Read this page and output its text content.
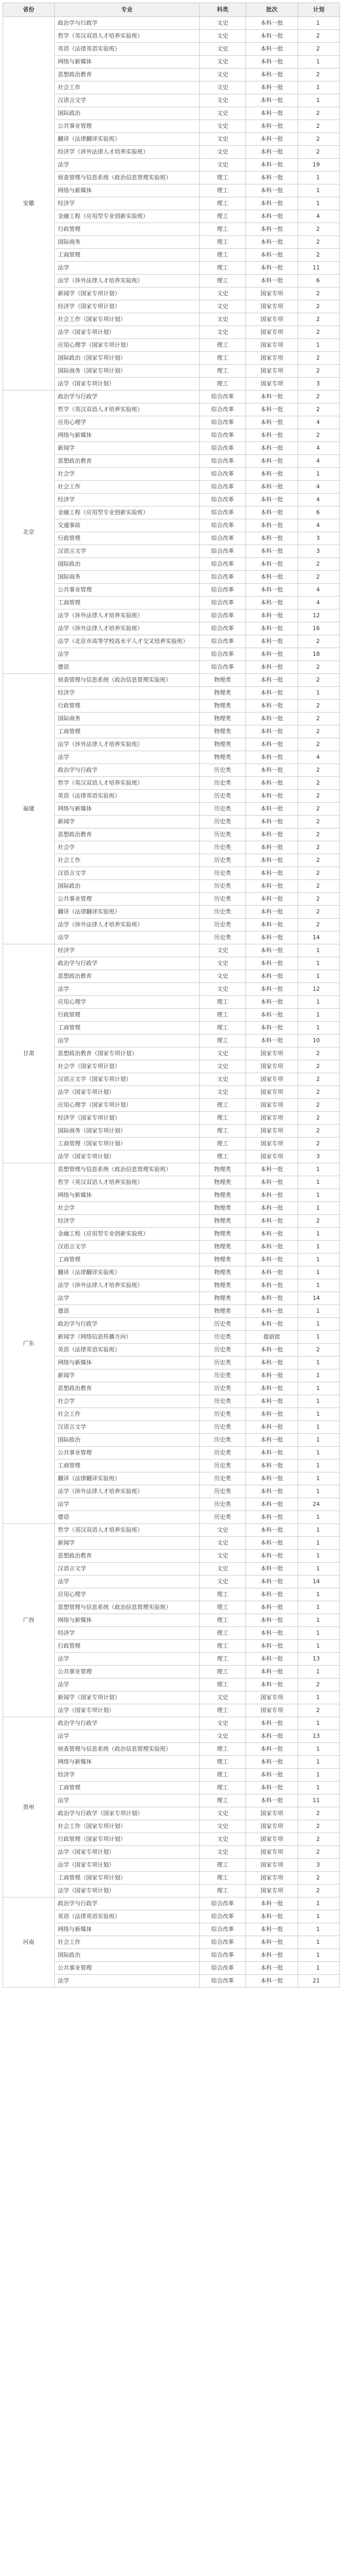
省份	专业	科类	批次	计划
安徽	政治学与行政学	文史	本科一批	1
	哲学（英汉双语人才培养实验班）	文史	本科一批	2
	英语（法律英语实验班）	文史	本科一批	2
	网络与新媒体	文史	本科一批	1
	思想政治教育	文史	本科一批	2
	社会工作	文史	本科一批	1
	汉语言文学	文史	本科一批	1
	国际政治	文史	本科一批	2
	公共事业管理	文史	本科一批	2
	翻译（法律翻译实验班）	文史	本科一批	2
	经济学（涉外法律人才培养实验班）	文史	本科一批	2
	法学	文史	本科一批	19
	侦查管理与信息系统（政治信息管理实验班）	理工	本科一批	1
	网络与新媒体	理工	本科一批	1
	经济学	理工	本科一批	1
	金融工程（应用型专业创新实验班）	理工	本科一批	4
	行政管理	理工	本科一批	2
	国际商务	理工	本科一批	2
	工商管理	理工	本科一批	2
	法学	理工	本科一批	11
	法学（涉外法律人才培养实验班）	理工	本科一批	6
	新闻学（国家专项计划）	文史	国家专项	2
	经济学（国家专项计划）	文史	国家专项	2
	社会工作（国家专项计划）	文史	国家专项	2
	法学（国家专项计划）	文史	国家专项	2
	应用心理学（国家专项计划）	理工	国家专项	1
	国际政治（国家专项计划）	理工	国家专项	2
	国际商务（国家专项计划）	理工	国家专项	2
	法学（国家专项计划）	理工	国家专项	3
北京	政治学与行政学	综合改革	本科一批	2
	哲学（英汉双语人才培养实验班）	综合改革	本科一批	2
	应用心理学	综合改革	本科一批	4
	网络与新媒体	综合改革	本科一批	2
	新闻学	综合改革	本科一批	4
	思想政治教育	综合改革	本科一批	4
	社会学	综合改革	本科一批	1
	社会工作	综合改革	本科一批	4
	经济学	综合改革	本科一批	4
	金融工程（应用型专业创新实验班）	综合改革	本科一批	6
	交通事故	综合改革	本科一批	4
	行政管理	综合改革	本科一批	3
	汉语言文学	综合改革	本科一批	3
	国际政治	综合改革	本科一批	2
	国际商务	综合改革	本科一批	2
	公共事业管理	综合改革	本科一批	4
	工商管理	综合改革	本科一批	4
	法学（涉外法律人才培养实验班）	综合改革	本科一批	12
	法学（涉外法律人才培养实验班）	综合改革	本科一批	16
	法学（北京市高等学校高水平人才交叉培养实验班）	综合改革	本科一批	2
	法学	综合改革	本科一批	18
	德语	综合改革	本科一批	2
福建	侦查管理与信息系统（政治信息管理实验班）	物理类	本科一批	2
	经济学	物理类	本科一批	1
	行政管理	物理类	本科一批	2
	国际商务	物理类	本科一批	2
	工商管理	物理类	本科一批	2
	法学（涉外法律人才培养实验班）	物理类	本科一批	2
	法学	物理类	本科一批	4
	政治学与行政学	历史类	本科一批	2
	哲学（英汉双语人才培养实验班）	历史类	本科一批	2
	英语（法律英语实验班）	历史类	本科一批	2
	网络与新媒体	历史类	本科一批	2
	新闻学	历史类	本科一批	2
	思想政治教育	历史类	本科一批	2
	社会学	历史类	本科一批	2
	社会工作	历史类	本科一批	2
	汉语言文学	历史类	本科一批	2
	国际政治	历史类	本科一批	2
	公共事业管理	历史类	本科一批	2
	翻译（法律翻译实验班）	历史类	本科一批	2
	法学（涉外法律人才培养实验班）	历史类	本科一批	2
	法学	历史类	本科一批	14
甘肃	经济学	文史	本科一批	1
	政治学与行政学	文史	本科一批	1
	思想政治教育	文史	本科一批	1
	法学	文史	本科一批	12
	应用心理学	理工	本科一批	1
	行政管理	理工	本科一批	1
	工商管理	理工	本科一批	1
	法学	理工	本科一批	10
	思想政治教育（国家专项计划）	文史	国家专项	2
	社会学（国家专项计划）	文史	国家专项	2
	汉语言文学（国家专项计划）	文史	国家专项	2
	法学（国家专项计划）	文史	国家专项	2
	应用心理学（国家专项计划）	理工	国家专项	2
	经济学（国家专项计划）	理工	国家专项	2
	国际商务（国家专项计划）	理工	国家专项	2
	工商管理（国家专项计划）	理工	国家专项	2
	法学（国家专项计划）	理工	国家专项	3
广东	思想管理与信息系统（政治信息管理实验班）	物理类	本科一批	1
	哲学（英汉双语人才培养实验班）	物理类	本科一批	1
	网络与新媒体	物理类	本科一批	1
	社会学	物理类	本科一批	1
	经济学	物理类	本科一批	2
	金融工程（应用型专业创新实验班）	物理类	本科一批	1
	汉语言文学	物理类	本科一批	1
	工商管理	物理类	本科一批	1
	翻译（法律翻译实验班）	物理类	本科一批	1
	法学（涉外法律人才培养实验班）	物理类	本科一批	1
	法学	物理类	本科一批	14
	德语	物理类	本科一批	1
	政治学与行政学	历史类	本科一批	1
	新闻学（网络信息传播方向）	历史类	提前批	1
	英语（法律英语实验班）	历史类	本科一批	2
	网络与新媒体	历史类	本科一批	1
	新闻学	历史类	本科一批	1
	思想政治教育	历史类	本科一批	1
	社会学	历史类	本科一批	1
	社会工作	历史类	本科一批	1
	汉语言文学	历史类	本科一批	1
	国际政治	历史类	本科一批	1
	公共事业管理	历史类	本科一批	1
	工商管理	历史类	本科一批	1
	翻译（法律翻译实验班）	历史类	本科一批	1
	法学（涉外法律人才培养实验班）	历史类	本科一批	1
	法学	历史类	本科一批	24
	德语	历史类	本科一批	1
广西	哲学（英汉双语人才培养实验班）	文史	本科一批	1
	新闻学	文史	本科一批	1
	思想政治教育	文史	本科一批	1
	汉语言文学	文史	本科一批	1
	法学	文史	本科一批	14
	应用心理学	理工	本科一批	1
	思想管理与信息系统（政治信息管理实验班）	理工	本科一批	1
	网络与新媒体	理工	本科一批	1
	经济学	理工	本科一批	1
	行政管理	理工	本科一批	1
	法学	理工	本科一批	13
	公共事业管理	理工	本科一批	1
	法学	理工	本科一批	2
	新闻学（国家专项计划）	文史	国家专项	1
	法学（国家专项计划）	理工	国家专项	2
贵州	政治学与行政学	文史	本科一批	1
	法学	文史	本科一批	13
	侦查管理与信息系统（政治信息管理实验班）	理工	本科一批	1
	网络与新媒体	理工	本科一批	1
	经济学	理工	本科一批	1
	工商管理	理工	本科一批	1
	法学	理工	本科一批	11
	政治学与行政学（国家专项计划）	文史	国家专项	2
	社会工作（国家专项计划）	文史	国家专项	2
	行政管理（国家专项计划）	文史	国家专项	2
	法学（国家专项计划）	文史	国家专项	2
	法学（国家专项计划）	理工	国家专项	3
	工商管理（国家专项计划）	理工	国家专项	2
	法学（国家专项计划）	理工	国家专项	2
河南	政治学与行政学	综合改革	本科一批	1
	英语（法律英语实验班）	综合改革	本科一批	1
	网络与新媒体	综合改革	本科一批	1
	社会工作	综合改革	本科一批	1
	国际政治	综合改革	本科一批	1
	公共事业管理	综合改革	本科一批	1
	法学	综合改革	本科一批	21
